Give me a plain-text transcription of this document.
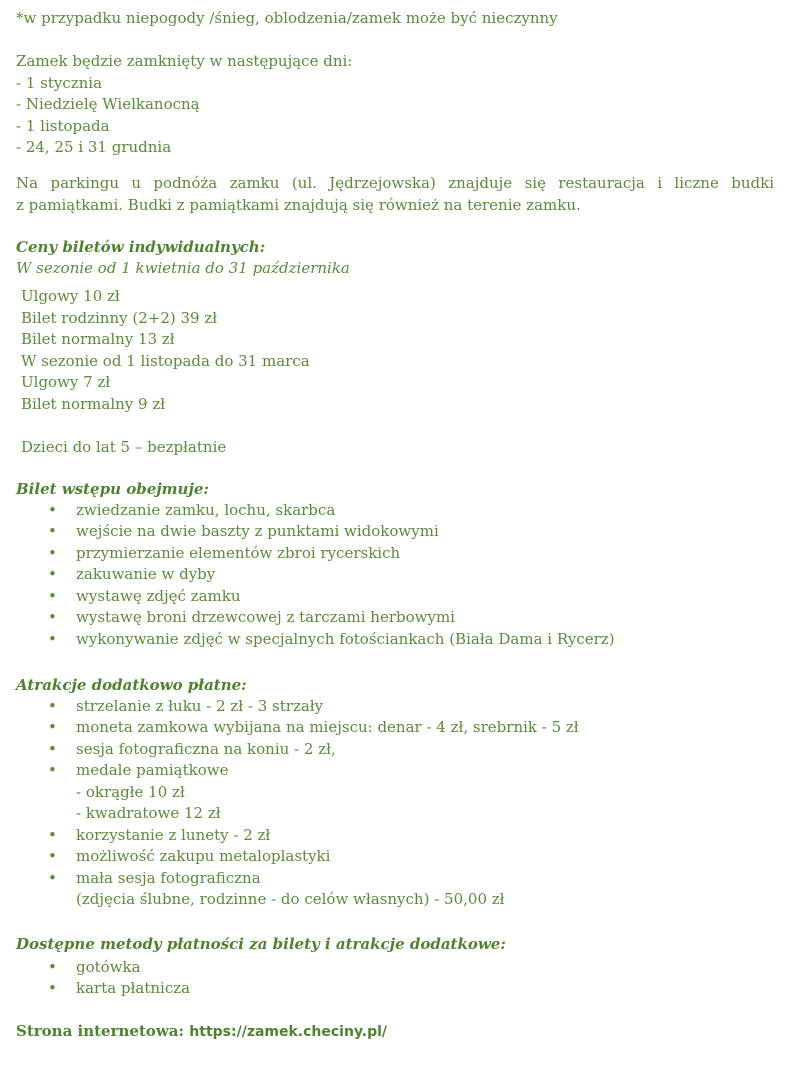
*w przypadku niepogody /śnieg, oblodzenia/zamek może być nieczynny
Zamek będzie zamknięty w następujące dni:
- 1 stycznia
- Niedzielę Wielkanocną
- 1 listopada
- 24, 25 i 31 grudnia
Na parkingu u podnóża zamku (ul. Jędrzejowska) znajduje się restauracja i liczne budki
z pamiątkami. Budki z pamiątkami znajdują się również na terenie zamku.
Ceny biletów indywidualnych:
W sezonie od 1 kwietnia do 31 października
Ulgowy 10 zł
Bilet rodzinny (2+2) 39 zł
Bilet normalny 13 zł
W sezonie od 1 listopada do 31 marca
Ulgowy 7 zł
Bilet normalny 9 zł
Dzieci do lat 5 – bezpłatnie
Bilet wstępu obejmuje:
• zwiedzanie zamku, lochu, skarbca
• wejście na dwie baszty z punktami widokowymi
• przymierzanie elementów zbroi rycerskich
• zakuwanie w dyby
• wystawę zdjęć zamku
• wystawę broni drzewcowej z tarczami herbowymi
• wykonywanie zdjęć w specjalnych fotościankach (Biała Dama i Rycerz)
Atrakcje dodatkowo płatne:
• strzelanie z łuku - 2 zł - 3 strzały
• moneta zamkowa wybijana na miejscu: denar - 4 zł, srebrnik - 5 zł
• sesja fotograficzna na koniu - 2 zł,
• medale pamiątkowe
- okrągłe 10 zł
- kwadratowe 12 zł
• korzystanie z lunety - 2 zł
• możliwość zakupu metaloplastyki
• mała sesja fotograficzna
(zdjęcia ślubne, rodzinne - do celów własnych) - 50,00 zł
Dostępne metody płatności za bilety i atrakcje dodatkowe:
• gotówka
• karta płatnicza
Strona internetowa: https://zamek.checiny.pl/
